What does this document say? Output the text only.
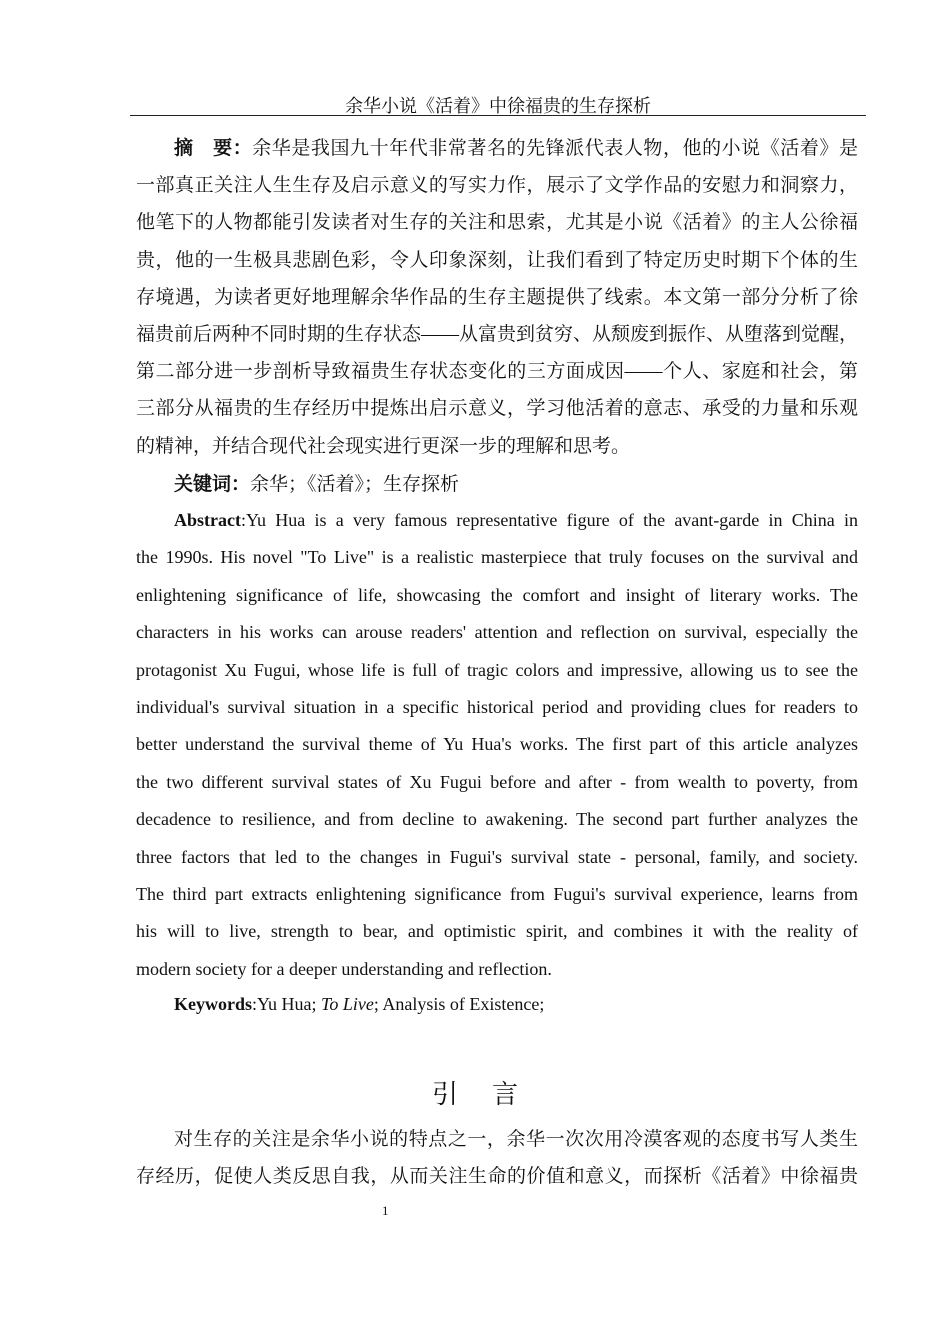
余华小说《活着》中徐福贵的生存探析
摘　要：余华是我国九十年代非常著名的先锋派代表人物，他的小说《活着》是
一部真正关注人生生存及启示意义的写实力作，展示了文学作品的安慰力和洞察力，
他笔下的人物都能引发读者对生存的关注和思索，尤其是小说《活着》的主人公徐福
贵，他的一生极具悲剧色彩，令人印象深刻，让我们看到了特定历史时期下个体的生
存境遇，为读者更好地理解余华作品的生存主题提供了线索。本文第一部分分析了徐
福贵前后两种不同时期的生存状态——从富贵到贫穷、从颓废到振作、从堕落到觉醒，
第二部分进一步剖析导致福贵生存状态变化的三方面成因——个人、家庭和社会，第
三部分从福贵的生存经历中提炼出启示意义，学习他活着的意志、承受的力量和乐观
的精神，并结合现代社会现实进行更深一步的理解和思考。
关键词：余华；《活着》；生存探析
Abstract:Yu Hua is a very famous representative figure of the avant-garde in China in
the 1990s. His novel "To Live" is a realistic masterpiece that truly focuses on the survival and
enlightening significance of life, showcasing the comfort and insight of literary works. The
characters in his works can arouse readers' attention and reflection on survival, especially the
protagonist Xu Fugui, whose life is full of tragic colors and impressive, allowing us to see the
individual's survival situation in a specific historical period and providing clues for readers to
better understand the survival theme of Yu Hua's works. The first part of this article analyzes
the two different survival states of Xu Fugui before and after - from wealth to poverty, from
decadence to resilience, and from decline to awakening. The second part further analyzes the
three factors that led to the changes in Fugui's survival state - personal, family, and society.
The third part extracts enlightening significance from Fugui's survival experience, learns from
his will to live, strength to bear, and optimistic spirit, and combines it with the reality of
modern society for a deeper understanding and reflection.
Keywords:Yu Hua; To Live; Analysis of Existence;
引言
对生存的关注是余华小说的特点之一，余华一次次用冷漠客观的态度书写人类生
存经历，促使人类反思自我，从而关注生命的价值和意义，而探析《活着》中徐福贵
1
